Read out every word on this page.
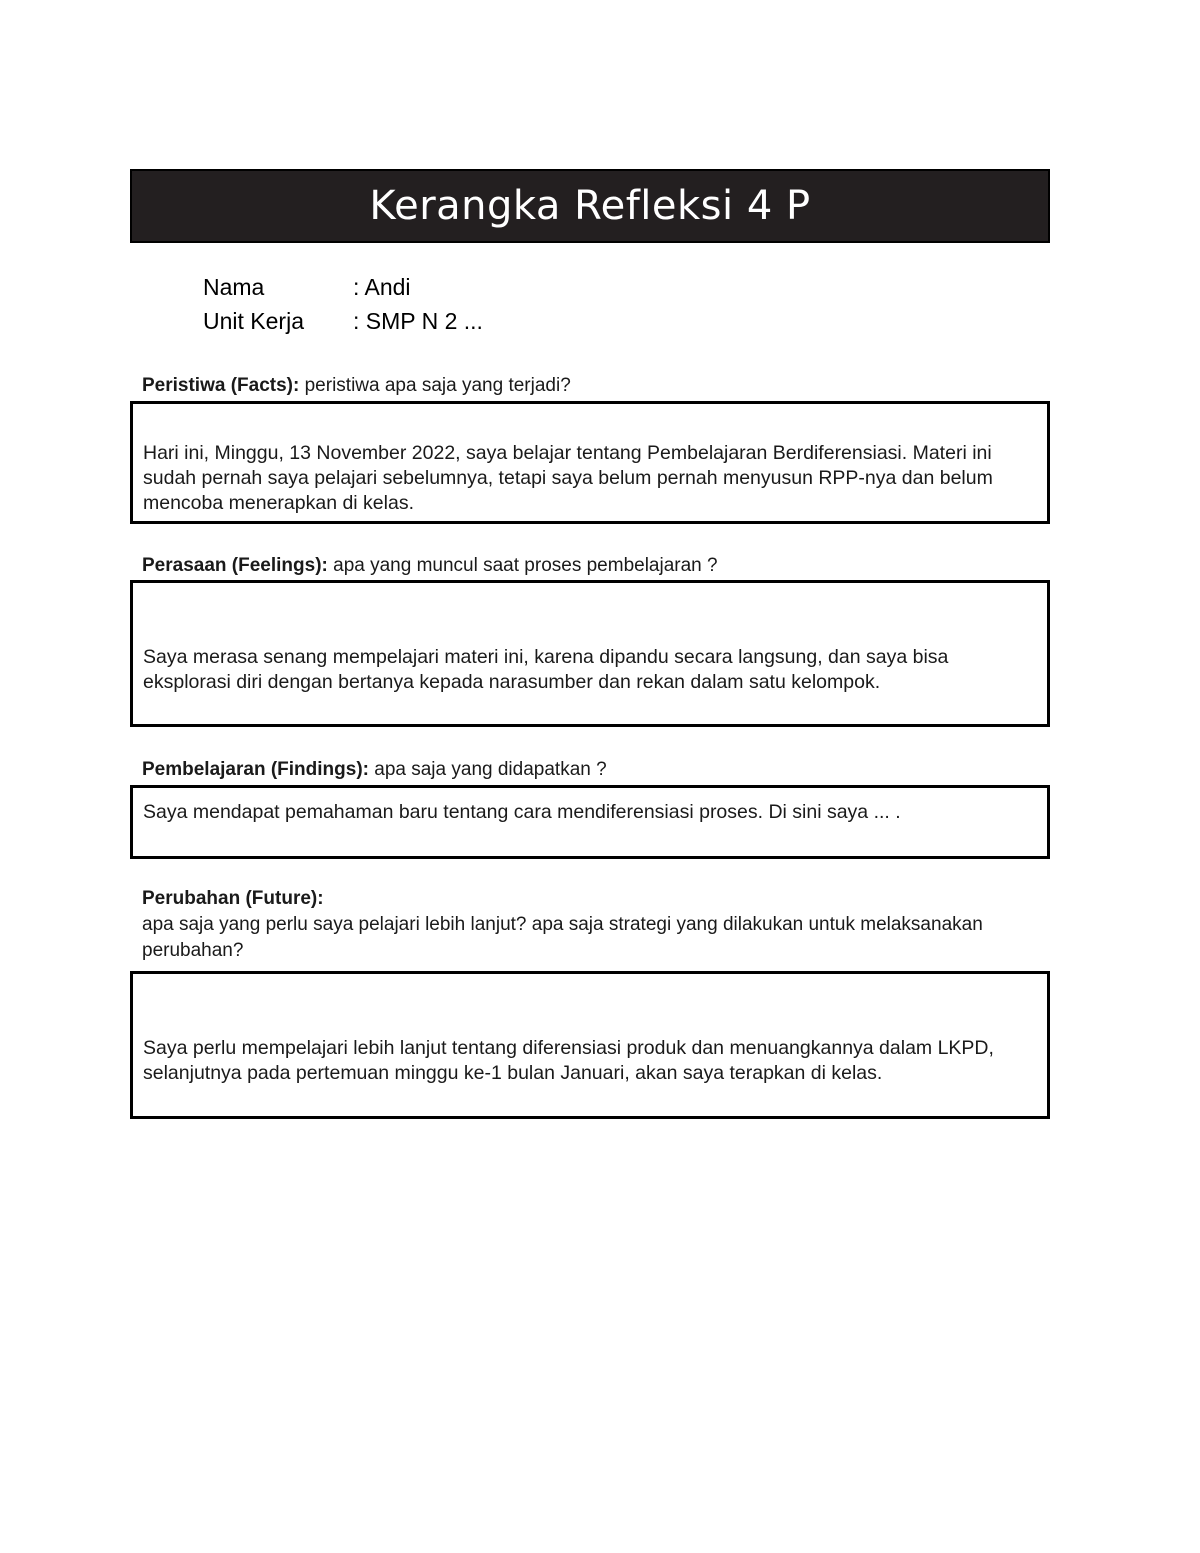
Kerangka Refleksi 4 P
Nama	: Andi
Unit Kerja	: SMP N 2 ...
Peristiwa (Facts): peristiwa apa saja yang terjadi?
Hari ini, Minggu, 13 November 2022, saya belajar tentang Pembelajaran Berdiferensiasi. Materi ini sudah pernah saya pelajari sebelumnya, tetapi saya belum pernah menyusun RPP-nya dan belum mencoba menerapkan di kelas.
Perasaan (Feelings): apa yang muncul saat proses pembelajaran ?
Saya merasa senang mempelajari materi ini, karena dipandu secara langsung, dan saya bisa eksplorasi diri dengan bertanya kepada narasumber dan rekan dalam satu kelompok.
Pembelajaran (Findings): apa saja yang didapatkan ?
Saya mendapat pemahaman baru tentang cara mendiferensiasi proses. Di sini saya ... .
Perubahan (Future):
apa saja yang perlu saya pelajari lebih lanjut? apa saja strategi yang dilakukan untuk melaksanakan perubahan?
Saya perlu mempelajari lebih lanjut tentang diferensiasi produk dan menuangkannya dalam LKPD, selanjutnya pada pertemuan minggu ke-1 bulan Januari, akan saya terapkan di kelas.
